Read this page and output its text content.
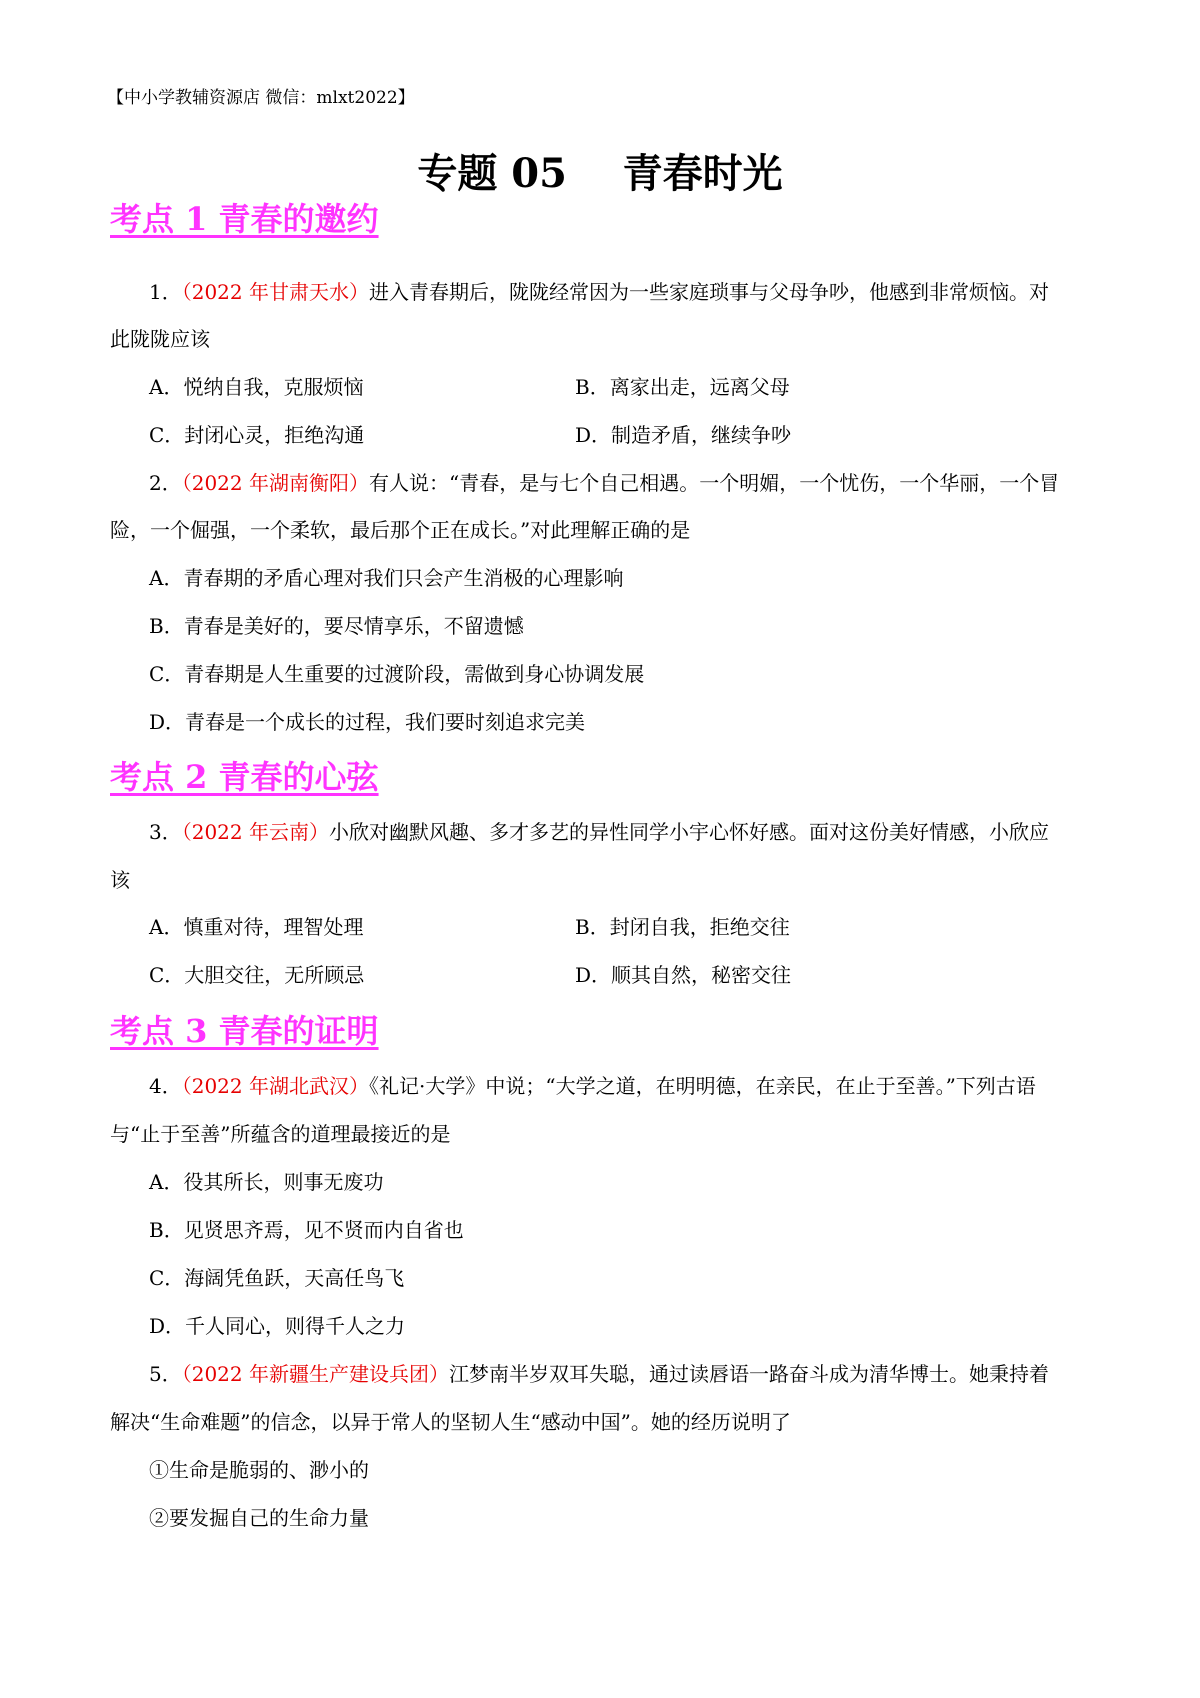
【中小学教辅资源店 微信：mlxt2022】
专题 05    青春时光
考点 1 青春的邀约
1．（2022 年甘肃天水）进入青春期后，陇陇经常因为一些家庭琐事与父母争吵，他感到非常烦恼。对
此陇陇应该
A．悦纳自我，克服烦恼	B．离家出走，远离父母
C．封闭心灵，拒绝沟通	D．制造矛盾，继续争吵
2．（2022 年湖南衡阳）有人说：“青春，是与七个自己相遇。一个明媚，一个忧伤，一个华丽，一个冒
险，一个倔强，一个柔软，最后那个正在成长。”对此理解正确的是
A．青春期的矛盾心理对我们只会产生消极的心理影响
B．青春是美好的，要尽情享乐，不留遗憾
C．青春期是人生重要的过渡阶段，需做到身心协调发展
D．青春是一个成长的过程，我们要时刻追求完美
考点 2 青春的心弦
3．（2022 年云南）小欣对幽默风趣、多才多艺的异性同学小宇心怀好感。面对这份美好情感，小欣应
该
A．慎重对待，理智处理	B．封闭自我，拒绝交往
C．大胆交往，无所顾忌	D．顺其自然，秘密交往
考点 3 青春的证明
4．（2022 年湖北武汉）《礼记·大学》中说；“大学之道，在明明德，在亲民，在止于至善。”下列古语
与“止于至善”所蕴含的道理最接近的是
A．役其所长，则事无废功
B．见贤思齐焉，见不贤而内自省也
C．海阔凭鱼跃，天高任鸟飞
D．千人同心，则得千人之力
5．（2022 年新疆生产建设兵团）江梦南半岁双耳失聪，通过读唇语一路奋斗成为清华博士。她秉持着
解决“生命难题”的信念，以异于常人的坚韧人生“感动中国”。她的经历说明了
①生命是脆弱的、渺小的
②要发掘自己的生命力量
